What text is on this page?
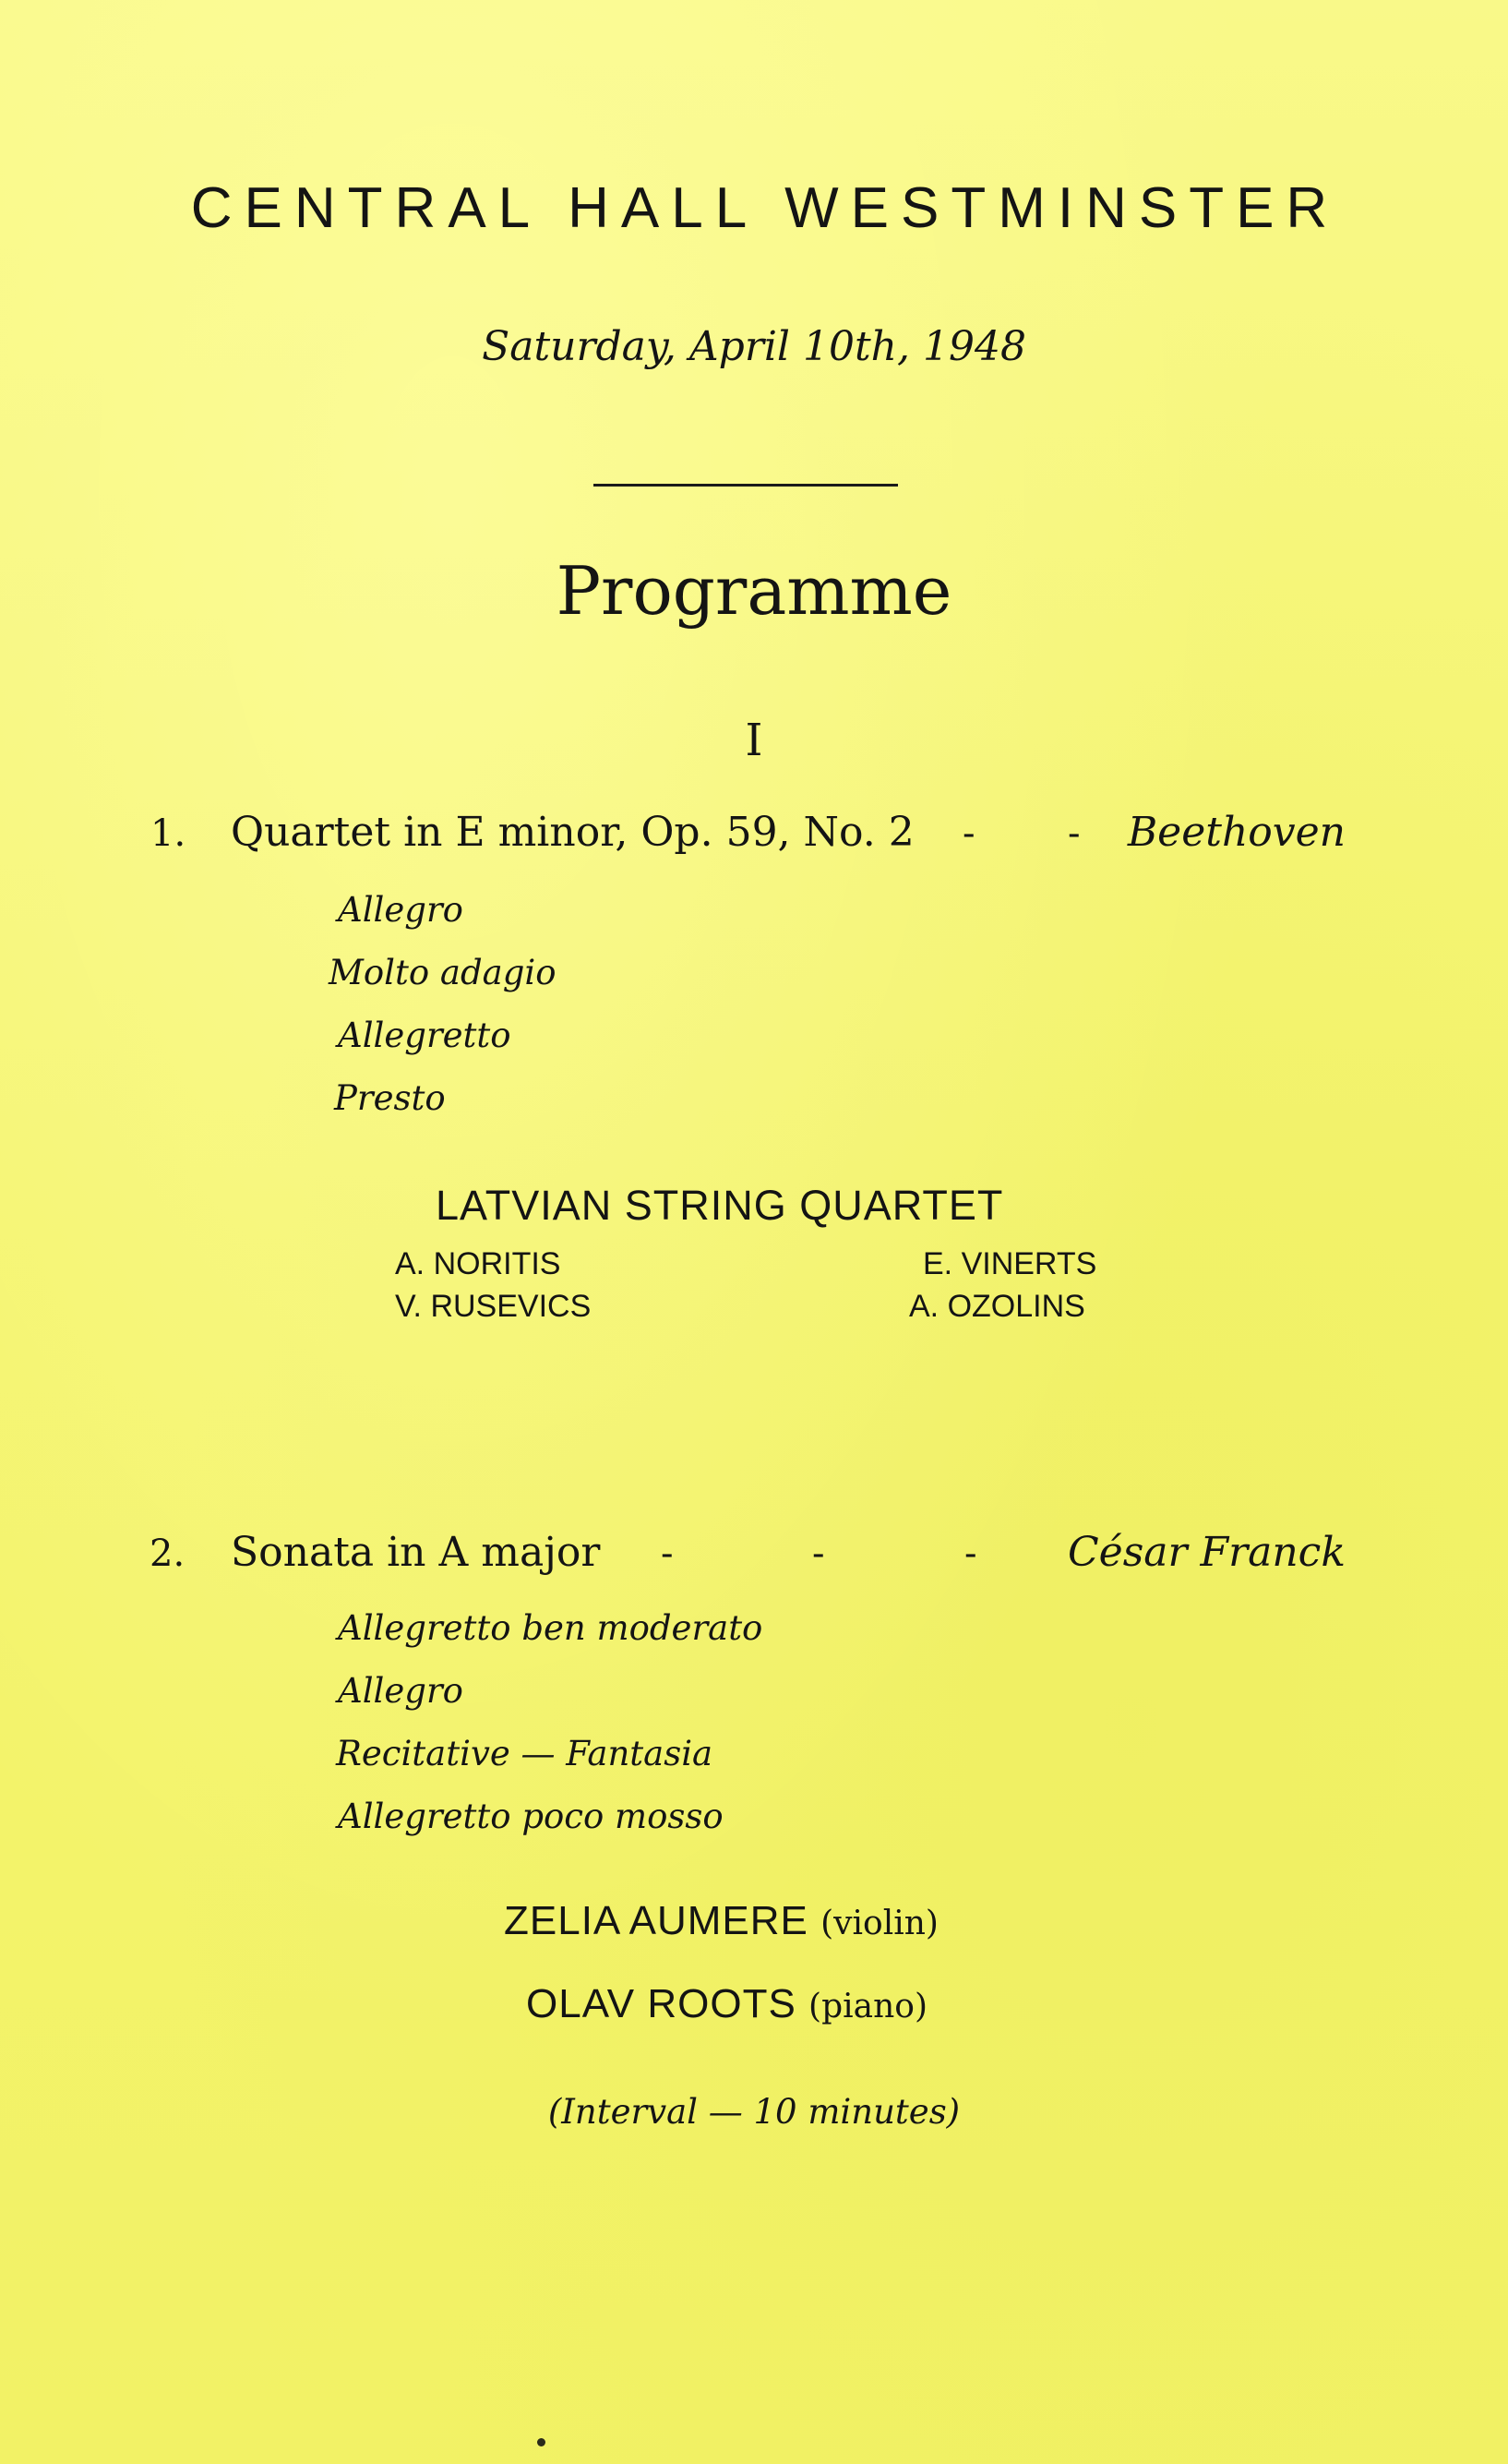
CENTRAL HALL WESTMINSTER
Saturday, April 10th, 1948
Programme
I
1. Quartet in E minor, Op. 59, No. 2 -	-	Beethoven
Allegro
Molto adagio
Allegretto
Presto
LATVIAN STRING QUARTET
A. NORITIS	E. VINERTS
V. RUSEVICS	A. OZOLINS
2. Sonata in A major -	-	-	César Franck
Allegretto ben moderato
Allegro
Recitative — Fantasia
Allegretto poco mosso
ZELIA AUMERE (violin)
OLAV ROOTS (piano)
(Interval — 10 minutes)
